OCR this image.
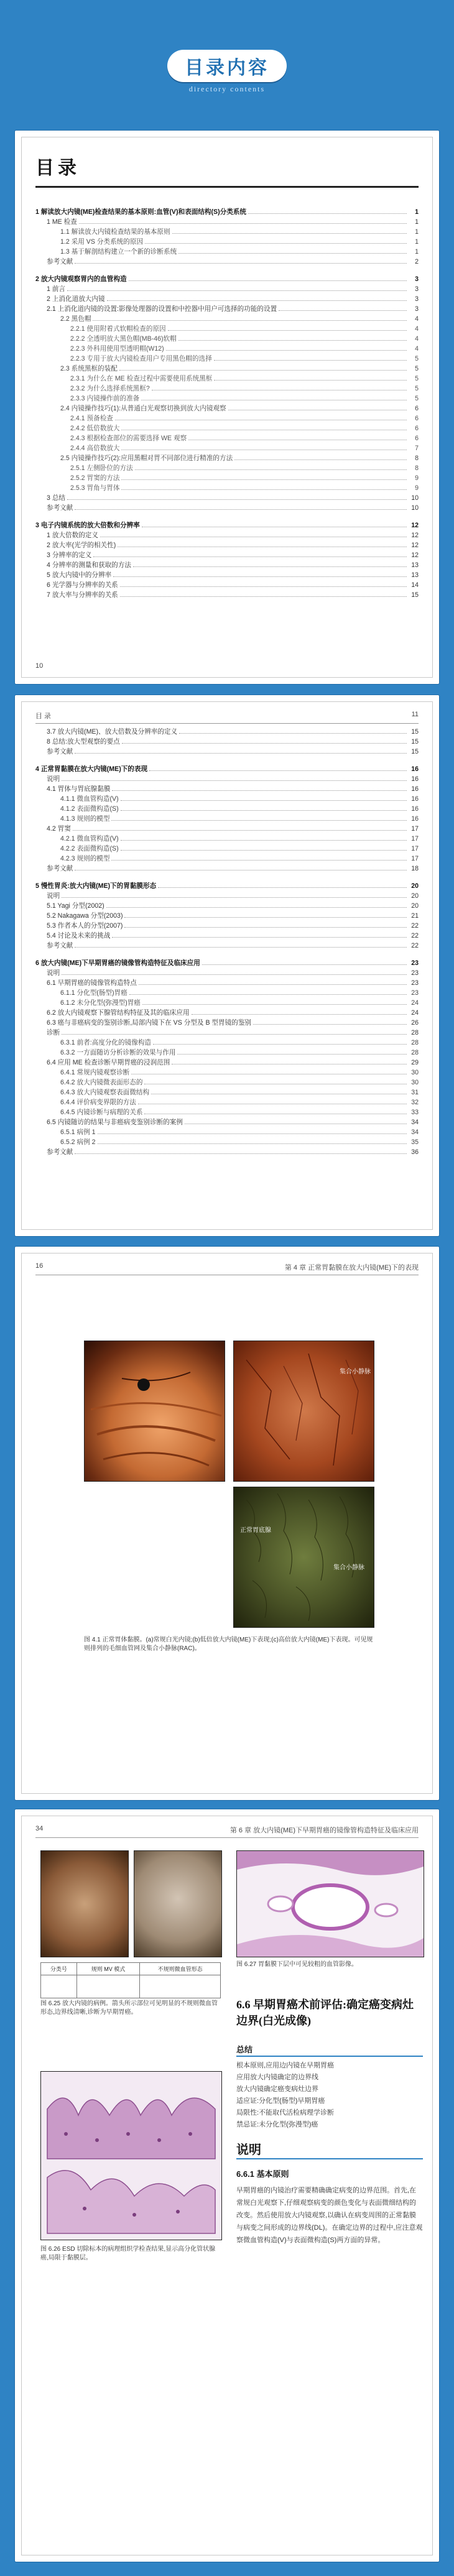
目录内容
directory contents
目录
1 解读放大内镜(ME)检查结果的基本原则:血管(V)和表面结构(S)分类系统	1
1 ME 检查	1
1.1 解读放大内镜检查结果的基本原则	1
1.2 采用 VS 分类系统的原因	1
1.3 基于解剖结构建立一个新的诊断系统	1
参考文献	2
2 放大内镜观察胃内的血管构造	3
1 前言	3
2 上消化道放大内镜	3
2.1 上消化道内镜的设置:影像处理器的设置和中控器中用户可选择的功能的设置	3
2.2 黑色帽	4
2.2.1 使用附着式软帽检查的原因	4
2.2.2 全透明放大黑色帽(MB-46)软帽	4
2.2.3 外科用使用型透明帽(W12)	4
2.2.3 专用于放大内镜检查用户专用黑色帽的选择	5
2.3 系统黑框的装配	5
2.3.1 为什么在 ME 检查过程中需要使用系统黑框	5
2.3.2 为什么选择系统黑框?	5
2.3.3 内镜操作前的准备	5
2.4 内镜操作技巧(1):从普通白光观察切换到放大内镜观察	6
2.4.1 预备检查	6
2.4.2 低倍数放大	6
2.4.3 根据检查部位的需要选择 WE 观察	6
2.4.4 高倍数放大	7
2.5 内镜操作技巧(2):应用黑帽对胃不同部位进行精准的方法	8
2.5.1 左侧卧位的方法	8
2.5.2 胃窦的方法	9
2.5.3 胃角与胃体	9
3 总结	10
参考文献	10
3 电子内镜系统的放大倍数和分辨率	12
1 放大倍数的定义	12
2 放大率(光学的相关性)	12
3 分辨率的定义	12
4 分辨率的测量和获取的方法	13
5 放大内镜中的分辨率	13
6 光学器与分辨率的关系	14
7 放大率与分辨率的关系	15
10
目 录	11
3.7 放大内镜(ME)、放大倍数及分辨率的定义	15
8 总结:放大型观察的要点	15
参考文献	15
4 正常胃黏膜在放大内镜(ME)下的表现	16
说明	16
4.1 胃体与胃底腺黏膜	16
4.1.1 微血管构造(V)	16
4.1.2 表面微构造(S)	16
4.1.3 规则的模型	16
4.2 胃窦	17
4.2.1 微血管构造(V)	17
4.2.2 表面微构造(S)	17
4.2.3 规则的模型	17
参考文献	18
5 慢性胃炎:放大内镜(ME)下的胃黏膜形态	20
说明	20
5.1 Yagi 分型(2002)	20
5.2 Nakagawa 分型(2003)	21
5.3 作者本人的分型(2007)	22
5.4 讨论及未来的挑战	22
参考文献	22
6 放大内镜(ME)下早期胃癌的镜像管构造特征及临床应用	23
说明	23
6.1 早期胃癌的镜像管构造特点	23
6.1.1 分化型(肠型)胃癌	23
6.1.2 未分化型(弥漫型)胃癌	24
6.2 放大内镜观察下腺管结构特征及其的临床应用	24
6.3 癌与非癌病变的鉴别诊断,局部内镜下在 VS 分型及 B 型胃镜的鉴别	26
诊断	28
6.3.1 前者:高度分化的镜像构造	28
6.3.2 一方面随访分析诊断的效果与作用	28
6.4 应用 ME 检查诊断早期胃癌的浸润范围	29
6.4.1 常规内镜观察诊断	30
6.4.2 放大内镜微表面形态的	30
6.4.3 放大内镜观察表面微结构	31
6.4.4 评价病变界限的方法	32
6.4.5 内镜诊断与病理的关系	33
6.5 内镜随访的结果与非癌病变鉴别诊断的案例	34
6.5.1 病例 1	34
6.5.2 病例 2	35
参考文献	36
16	第 4 章 正常胃黏膜在放大内镜(ME)下的表现
集合小静脉
正常胃底腺
集合小静脉
图 4.1 正常胃体黏膜。(a)常规白光内镜;(b)低倍放大内镜(ME)下表现;(c)高倍放大内镜(ME)下表现。可见规则排列的毛细血管网及集合小静脉(RAC)。
34	第 6 章 放大内镜(ME)下早期胃癌的镜像管构造特征及临床应用
分类号	规则 MV 模式	不规则微血管形态

图 6.25 放大内镜的病例。箭头所示部位可见明显的不规则微血管形态,边界线清晰,诊断为早期胃癌。
图 6.26 ESD 切除标本的病理组织学检查结果,显示高分化管状腺癌,局限于黏膜层。
图 6.27 胃黏膜下层中可见较粗的血管影像。
6.6 早期胃癌术前评估:确定癌变病灶边界(白光成像)
总结
根本原则,应用边内镜在早期胃癌
应用放大内镜确定的边界线
放大内镜确定癌变病灶边界
适应证:分化型(肠型)早期胃癌
局限性:不能取代活检病理学诊断
禁忌证:未分化型(弥漫型)癌
说明
6.6.1 基本原则
早期胃癌的内镜治疗需要精确确定病变的边界范围。首先,在常规白光观察下,仔细观察病变的颜色变化与表面微细结构的改变。然后使用放大内镜观察,以确认在病变周围的正常黏膜与病变之间形成的边界线(DL)。在确定边界的过程中,应注意观察微血管构造(V)与表面微构造(S)两方面的异常。
